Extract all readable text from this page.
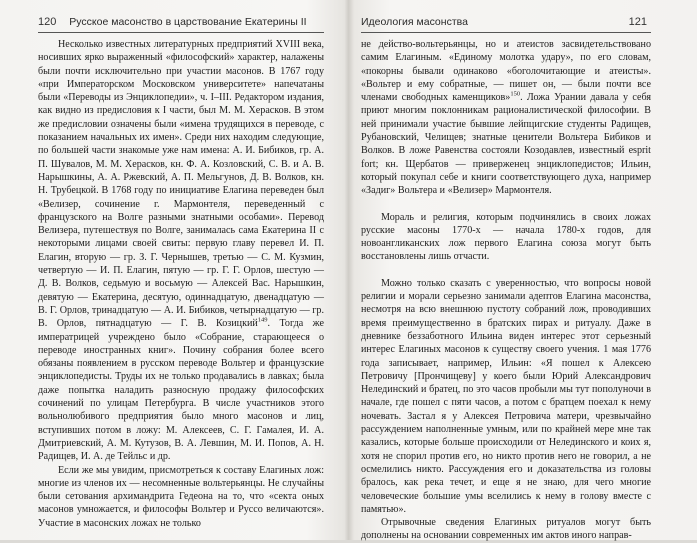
120 Русское масонство в царствование Екатерины II

Несколько известных литературных предприятий XVIII века, носивших ярко выраженный «философский» характер, налажены были почти исключительно при участии масонов. В 1767 году «при Императорском Московском университете» напечатаны были «Переводы из Энциклопедии», ч. I–III. Редактором издания, как видно из предисловия к I части, был М. М. Херасков. В этом же предисловии означены были «имена трудящихся в переводе, с показанием начальных их имен». Среди них находим следующие, по большей части знакомые уже нам имена: А. И. Бибиков, гр. А. П. Шувалов, М. М. Херасков, кн. Ф. А. Козловский, С. В. и А. В. Нарышкины, А. А. Ржевский, А. П. Мельгунов, Д. В. Волков, кн. Н. Трубецкой. В 1768 году по инициативе Елагина переведен был «Велизер, сочинение г. Мармонтеля, переведенный с французского на Волге разными знатными особами». Перевод Велизера, путешествуя по Волге, занималась сама Екатерина II с некоторыми лицами своей свиты: первую главу перевел И. П. Елагин, вторую — гр. З. Г. Чернышев, третью — С. М. Кузмин, четвертую — И. П. Елагин, пятую — гр. Г. Г. Орлов, шестую — Д. В. Волков, седьмую и восьмую — Алексей Вас. Нарышкин, девятую — Екатерина, десятую, одиннадцатую, двенадцатую — В. Г. Орлов, тринадцатую — А. И. Бибиков, четырнадцатую — гр. В. Орлов, пятнадцатую — Г. В. Козицкий$^{149}$. Тогда же императрицей учреждено было «Собрание, старающееся о переводе иностранных книг». Почину собрания более всего обязаны появлением в русском переводе Вольтер и французские энциклопедисты. Труды их не только продавались в лавках; была даже попытка наладить разносную продажу философских сочинений по улицам Петербурга. В числе участников этого вольнолюбивого предприятия было много масонов и лиц, вступивших потом в ложу: М. Алексеев, С. Г. Гамалея, И. А. Дмитриевский, А. М. Кутузов, В. А. Левшин, М. И. Попов, А. Н. Радищев, И. А. де Тейльс и др.

Если же мы увидим, присмотреться к составу Елагиных лож: многие из членов их — несомненные вольтерьянцы. Не случайны были сетования архимандрита Гедеона на то, что «секта оных масонов умножается, и философы Вольтер и Руссо величаются». Участие в масонских ложах не только

Идеология масонства	121

не действо-вольтерьянцы, но и атеистов засвидетельствовано самим Елагиным. «Единому молотка удару», по его словам, «покорны бывали одинаково «боголочитающие и атеисты». «Вольтер и ему собратные, — пишет он, — были почти все членами свободных каменщиков»$^{150}$. Ложа Урании давала у себя приют многим поклонникам рационалистической философии. В ней принимали участие бывшие лейпцигские студенты Радищев, Рубановский, Челищев; знатные ценители Вольтера Бибиков и Волков. В ложе Равенства состояли Козодавлев, известный esprit fort; кн. Щербатов — приверженец энциклопедистов; Ильин, который покупал себе и книги соответствующего духа, например «Задиг» Вольтера и «Велизер» Мармонтеля.

Мораль и религия, которым подчинялись в своих ложах русские масоны 1770-х — начала 1780-х годов, для новоангликанских лож первого Елагина союза могут быть восстановлены лишь отчасти.

Можно только сказать с уверенностью, что вопросы новой религии и морали серьезно занимали адептов Елагина масонства, несмотря на всю внешнюю пустоту собраний лож, проводивших время преимущественно в братских пирах и ритуалу. Даже в дневнике беззаботного Ильина виден интерес этот серьезный интерес Елагиных масонов к существу своего учения. 1 мая 1776 года записывает, например, Ильин: «Я пошел к Алексею Петровичу [Прончищеву] у коего были Юрий Александрович Нелединский и братец, по это часов пробыли мы тут пополуночи в начале, где пошел с пяти часов, а потом с братцем поехал к нему ночевать. Застал я у Алексея Петровича матери, чрезвычайно рассуждением наполненные умным, или по крайней мере мне так казались, которые больше происходили от Нелединского и коих я, хотя не спорил против его, но никто против него не говорил, а не осмелились никто. Рассуждения его и доказательства из головы бралось, как река течет, и еще я не знаю, для чего многие человеческие большие умы вселились к нему в голову вместе с памятью».

Отрывочные сведения Елагиных ритуалов могут быть дополнены на основании современных им актов иного направ-
